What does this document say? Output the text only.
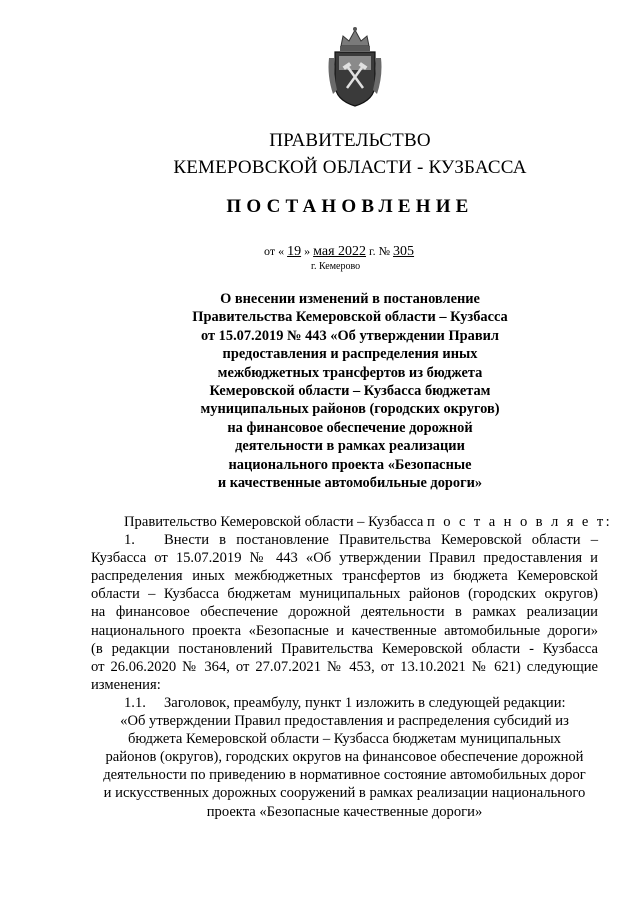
ПРАВИТЕЛЬСТВО
КЕМЕРОВСКОЙ ОБЛАСТИ - КУЗБАССА
ПОСТАНОВЛЕНИЕ
от « 19 » мая 2022 г. № 305
г. Кемерово
О внесении изменений в постановление
Правительства Кемеровской области – Кузбасса
от 15.07.2019 № 443 «Об утверждении Правил
предоставления и распределения иных
межбюджетных трансфертов из бюджета
Кемеровской области – Кузбасса бюджетам
муниципальных районов (городских округов)
на финансовое обеспечение дорожной
деятельности в рамках реализации
национального проекта «Безопасные
и качественные автомобильные дороги»
Правительство Кемеровской области – Кузбасса п о с т а н о в л я е т:
1. Внести в постановление Правительства Кемеровской области –
Кузбасса от 15.07.2019 № 443 «Об утверждении Правил предоставления и
распределения иных межбюджетных трансфертов из бюджета Кемеровской
области – Кузбасса бюджетам муниципальных районов (городских округов)
на финансовое обеспечение дорожной деятельности в рамках реализации
национального проекта «Безопасные и качественные автомобильные дороги»
(в редакции постановлений Правительства Кемеровской области - Кузбасса
от 26.06.2020 № 364, от 27.07.2021 № 453, от 13.10.2021 № 621) следующие
изменения:
1.1. Заголовок, преамбулу, пункт 1 изложить в следующей редакции:
«Об утверждении Правил предоставления и распределения субсидий из
бюджета Кемеровской области – Кузбасса бюджетам муниципальных
районов (округов), городских округов на финансовое обеспечение дорожной
деятельности по приведению в нормативное состояние автомобильных дорог
и искусственных дорожных сооружений в рамках реализации национального
проекта «Безопасные качественные дороги»
